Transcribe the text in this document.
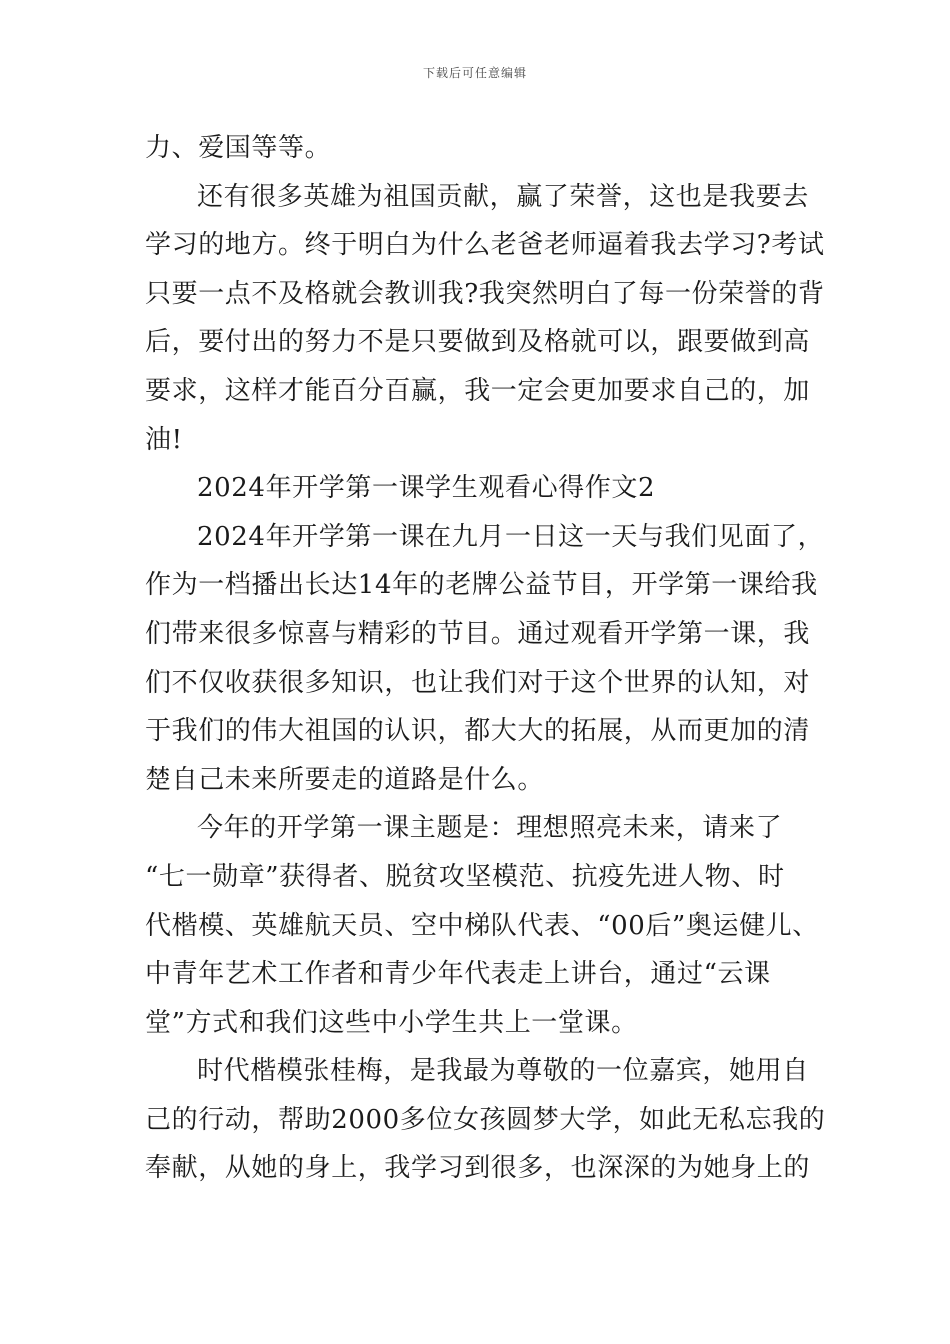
下载后可任意编辑
力、爱国等等。
还有很多英雄为祖国贡献，赢了荣誉，这也是我要去
学习的地方。终于明白为什么老爸老师逼着我去学习?考试
只要一点不及格就会教训我?我突然明白了每一份荣誉的背
后，要付出的努力不是只要做到及格就可以，跟要做到高
要求，这样才能百分百赢，我一定会更加要求自己的，加
油!
2024年开学第一课学生观看心得作文2
2024年开学第一课在九月一日这一天与我们见面了，
作为一档播出长达14年的老牌公益节目，开学第一课给我
们带来很多惊喜与精彩的节目。通过观看开学第一课，我
们不仅收获很多知识，也让我们对于这个世界的认知，对
于我们的伟大祖国的认识，都大大的拓展，从而更加的清
楚自己未来所要走的道路是什么。
今年的开学第一课主题是：理想照亮未来，请来了
“七一勋章”获得者、脱贫攻坚模范、抗疫先进人物、时
代楷模、英雄航天员、空中梯队代表、“00后”奥运健儿、
中青年艺术工作者和青少年代表走上讲台，通过“云课
堂”方式和我们这些中小学生共上一堂课。
时代楷模张桂梅，是我最为尊敬的一位嘉宾，她用自
己的行动，帮助2000多位女孩圆梦大学，如此无私忘我的
奉献，从她的身上，我学习到很多，也深深的为她身上的
